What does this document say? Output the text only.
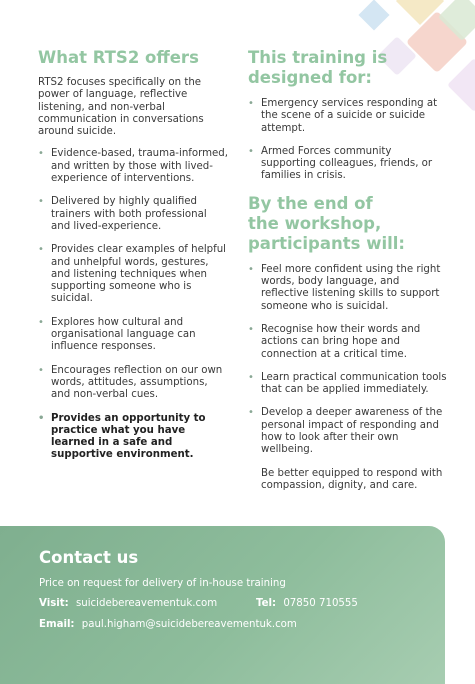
What RTS2 offers

RTS2 focuses specifically on the power of language, reflective listening, and non-verbal communication in conversations around suicide.

• Evidence-based, trauma-informed, and written by those with lived-experience of interventions.
• Delivered by highly qualified trainers with both professional and lived-experience.
• Provides clear examples of helpful and unhelpful words, gestures, and listening techniques when supporting someone who is suicidal.
• Explores how cultural and organisational language can influence responses.
• Encourages reflection on our own words, attitudes, assumptions, and non-verbal cues.
• Provides an opportunity to practice what you have learned in a safe and supportive environment.
This training is
designed for:
• Emergency services responding at the scene of a suicide or suicide attempt.
• Armed Forces community supporting colleagues, friends, or families in crisis.
By the end of
the workshop,
participants will:
• Feel more confident using the right words, body language, and reflective listening skills to support someone who is suicidal.
• Recognise how their words and actions can bring hope and connection at a critical time.
• Learn practical communication tools that can be applied immediately.
• Develop a deeper awareness of the personal impact of responding and how to look after their own wellbeing.

Be better equipped to respond with compassion, dignity, and care.

Contact us
Price on request for delivery of in-house training
Visit: suicidebereavementuk.com	Tel: 07850 710555
Email: paul.higham@suicidebereavementuk.com
